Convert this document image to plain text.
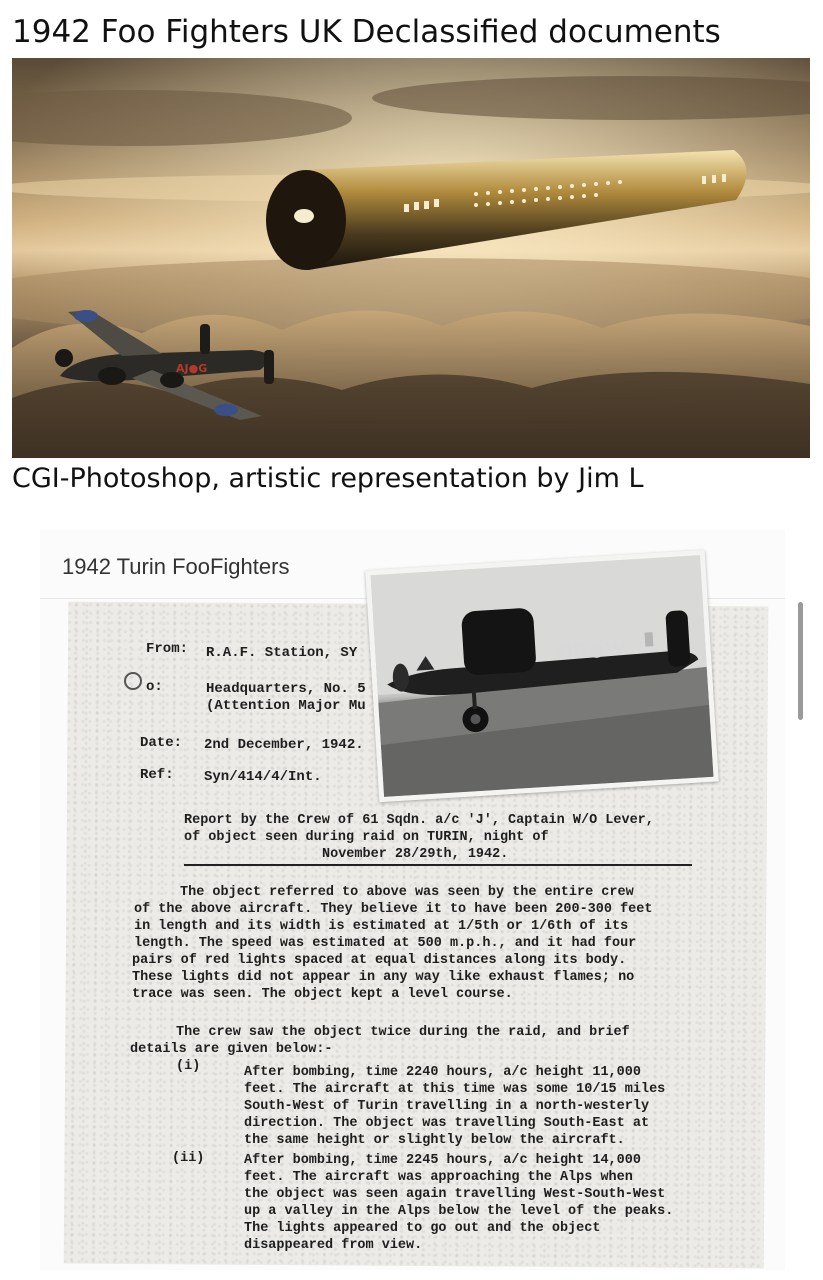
1942 Foo Fighters UK Declassified documents
AJ●G
CGI-Photoshop, artistic representation by Jim L
1942 Turin FooFighters
From: R.A.F. Station, SY
o:	Headquarters, No. 5
(Attention Major Mu
Date: 2nd December, 1942.
Ref: Syn/414/4/Int.
Report by the Crew of 61 Sqdn. a/c 'J', Captain W/O Lever,
of object seen during raid on TURIN, night of
November 28/29th, 1942.
The object referred to above was seen by the entire crew
of the above aircraft. They believe it to have been 200-300 feet
in length and its width is estimated at 1/5th or 1/6th of its
length. The speed was estimated at 500 m.p.h., and it had four
pairs of red lights spaced at equal distances along its body.
These lights did not appear in any way like exhaust flames; no
trace was seen. The object kept a level course.
The crew saw the object twice during the raid, and brief
details are given below:-
(i)	After bombing, time 2240 hours, a/c height 11,000
feet. The aircraft at this time was some 10/15 miles
South-West of Turin travelling in a north-westerly
direction. The object was travelling South-East at
the same height or slightly below the aircraft.
(ii)	After bombing, time 2245 hours, a/c height 14,000
feet. The aircraft was approaching the Alps when
the object was seen again travelling West-South-West
up a valley in the Alps below the level of the peaks.
The lights appeared to go out and the object
disappeared from view.
OR●W
